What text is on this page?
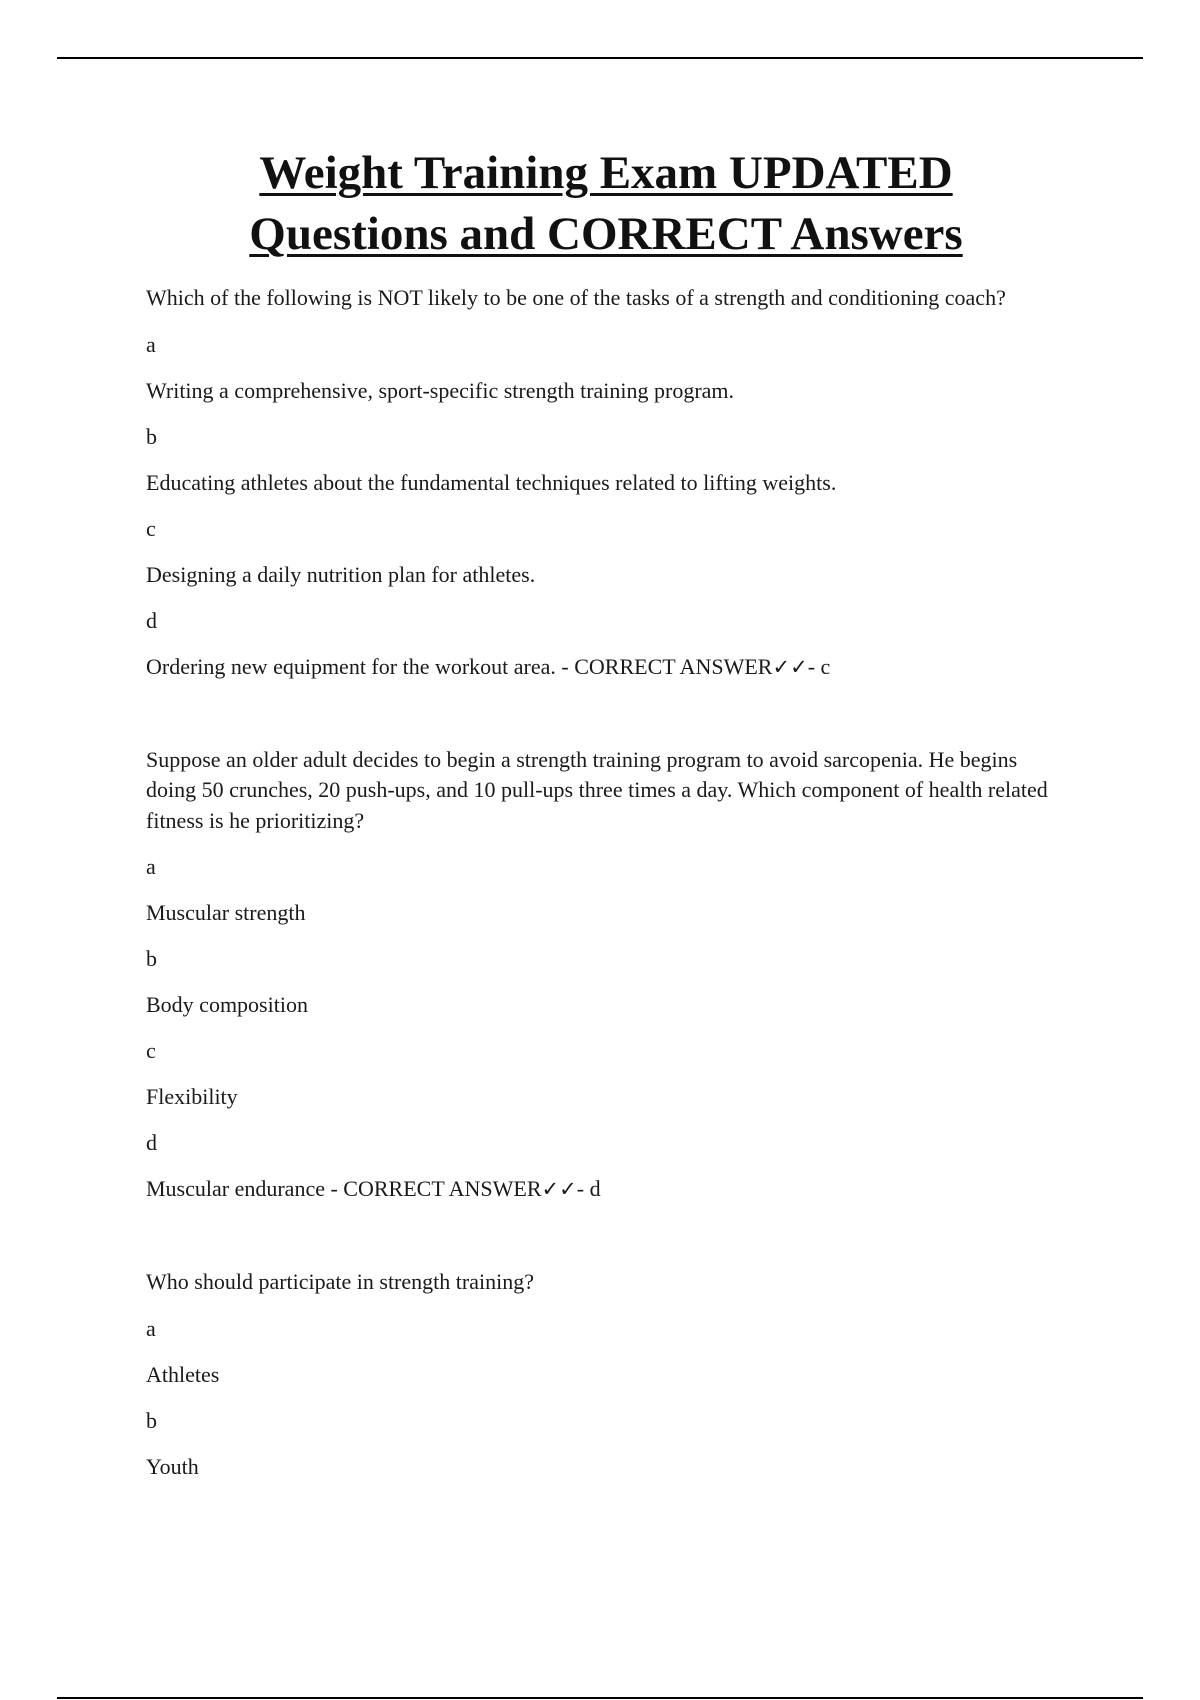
Weight Training Exam UPDATED
Questions and CORRECT Answers

Which of the following is NOT likely to be one of the tasks of a strength and conditioning coach?

a

Writing a comprehensive, sport-specific strength training program.

b

Educating athletes about the fundamental techniques related to lifting weights.

c

Designing a daily nutrition plan for athletes.

d

Ordering new equipment for the workout area. - CORRECT ANSWER✓✓- c

Suppose an older adult decides to begin a strength training program to avoid sarcopenia. He begins doing 50 crunches, 20 push-ups, and 10 pull-ups three times a day. Which component of health related fitness is he prioritizing?

a

Muscular strength

b

Body composition

c

Flexibility

d

Muscular endurance - CORRECT ANSWER✓✓- d

Who should participate in strength training?

a

Athletes

b

Youth
